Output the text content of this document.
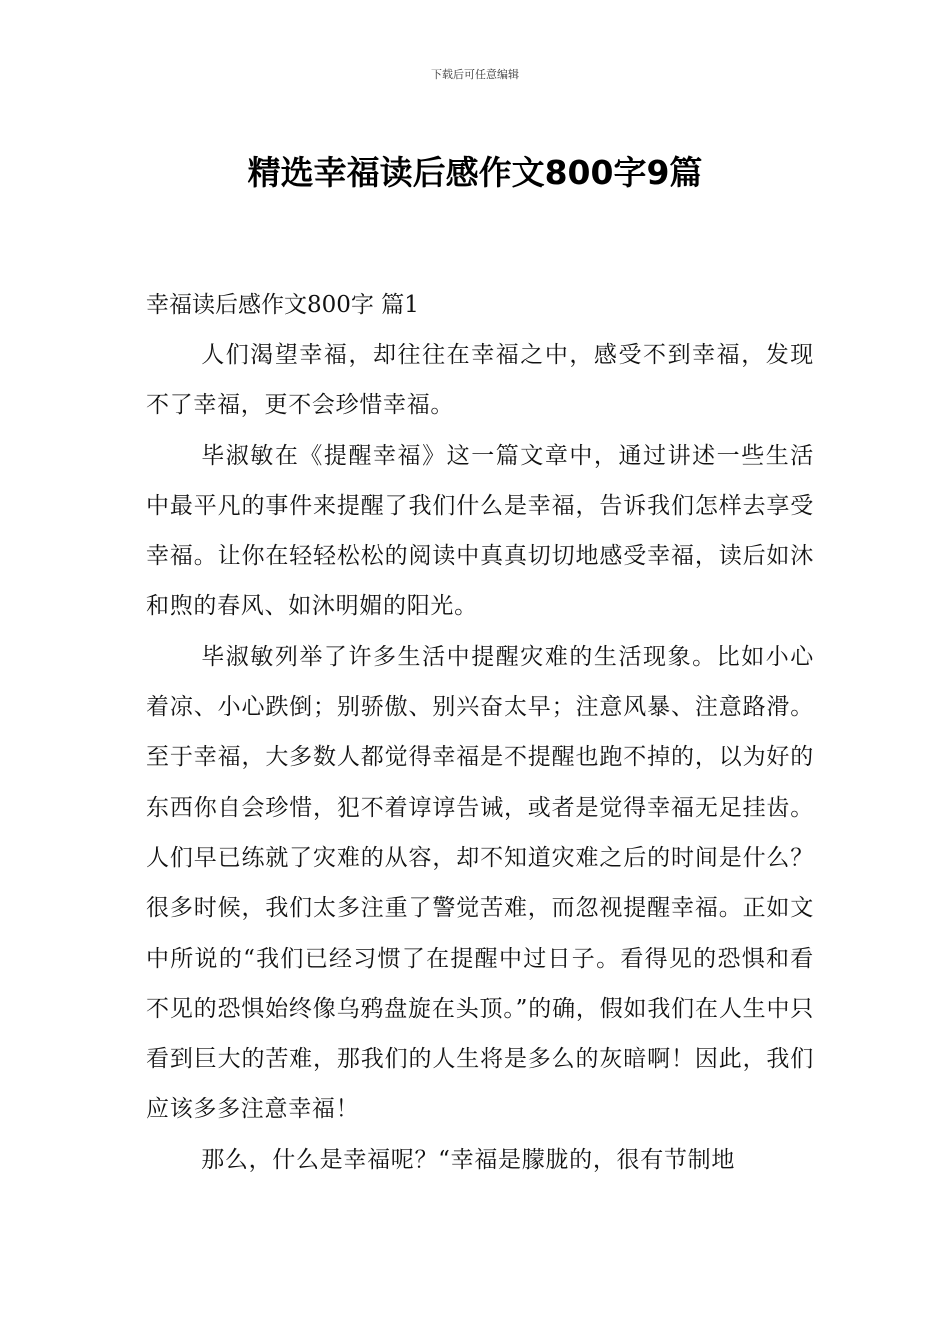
下载后可任意编辑
精选幸福读后感作文800字9篇
幸福读后感作文800字 篇1

人们渴望幸福，却往往在幸福之中，感受不到幸福，发现不了幸福，更不会珍惜幸福。

毕淑敏在《提醒幸福》这一篇文章中，通过讲述一些生活中最平凡的事件来提醒了我们什么是幸福，告诉我们怎样去享受幸福。让你在轻轻松松的阅读中真真切切地感受幸福，读后如沐和煦的春风、如沐明媚的阳光。

毕淑敏列举了许多生活中提醒灾难的生活现象。比如小心着凉、小心跌倒；别骄傲、别兴奋太早；注意风暴、注意路滑。至于幸福，大多数人都觉得幸福是不提醒也跑不掉的，以为好的东西你自会珍惜，犯不着谆谆告诫，或者是觉得幸福无足挂齿。人们早已练就了灾难的从容，却不知道灾难之后的时间是什么？很多时候，我们太多注重了警觉苦难，而忽视提醒幸福。正如文中所说的“我们已经习惯了在提醒中过日子。看得见的恐惧和看不见的恐惧始终像乌鸦盘旋在头顶。”的确，假如我们在人生中只看到巨大的苦难，那我们的人生将是多么的灰暗啊！因此，我们应该多多注意幸福！

那么，什么是幸福呢？“幸福是朦胧的，很有节制地
